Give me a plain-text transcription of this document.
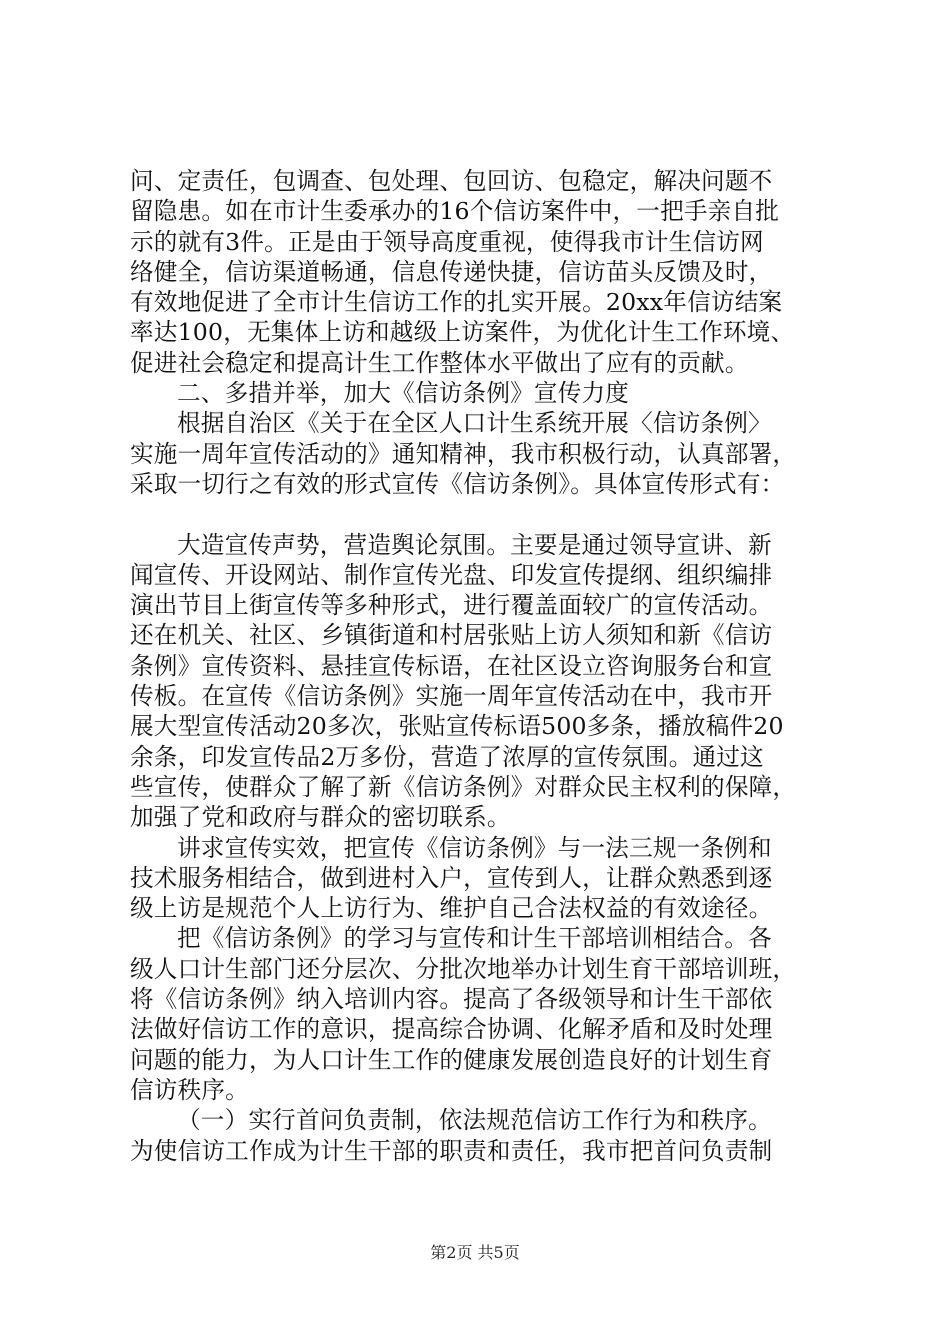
问、定责任，包调查、包处理、包回访、包稳定，解决问题不
留隐患。如在市计生委承办的16个信访案件中，一把手亲自批
示的就有3件。正是由于领导高度重视，使得我市计生信访网
络健全，信访渠道畅通，信息传递快捷，信访苗头反馈及时，
有效地促进了全市计生信访工作的扎实开展。20xx年信访结案
率达100，无集体上访和越级上访案件，为优化计生工作环境、
促进社会稳定和提高计生工作整体水平做出了应有的贡献。
二、多措并举，加大《信访条例》宣传力度
根据自治区《关于在全区人口计生系统开展〈信访条例〉
实施一周年宣传活动的》通知精神，我市积极行动，认真部署，
采取一切行之有效的形式宣传《信访条例》。具体宣传形式有：
大造宣传声势，营造舆论氛围。主要是通过领导宣讲、新
闻宣传、开设网站、制作宣传光盘、印发宣传提纲、组织编排
演出节目上街宣传等多种形式，进行覆盖面较广的宣传活动。
还在机关、社区、乡镇街道和村居张贴上访人须知和新《信访
条例》宣传资料、悬挂宣传标语，在社区设立咨询服务台和宣
传板。在宣传《信访条例》实施一周年宣传活动在中，我市开
展大型宣传活动20多次，张贴宣传标语500多条，播放稿件20
余条，印发宣传品2万多份，营造了浓厚的宣传氛围。通过这
些宣传，使群众了解了新《信访条例》对群众民主权利的保障，
加强了党和政府与群众的密切联系。
讲求宣传实效，把宣传《信访条例》与一法三规一条例和
技术服务相结合，做到进村入户，宣传到人，让群众熟悉到逐
级上访是规范个人上访行为、维护自己合法权益的有效途径。
把《信访条例》的学习与宣传和计生干部培训相结合。各
级人口计生部门还分层次、分批次地举办计划生育干部培训班，
将《信访条例》纳入培训内容。提高了各级领导和计生干部依
法做好信访工作的意识，提高综合协调、化解矛盾和及时处理
问题的能力，为人口计生工作的健康发展创造良好的计划生育
信访秩序。
（一）实行首问负责制，依法规范信访工作行为和秩序。
为使信访工作成为计生干部的职责和责任，我市把首问负责制
第2页 共5页
